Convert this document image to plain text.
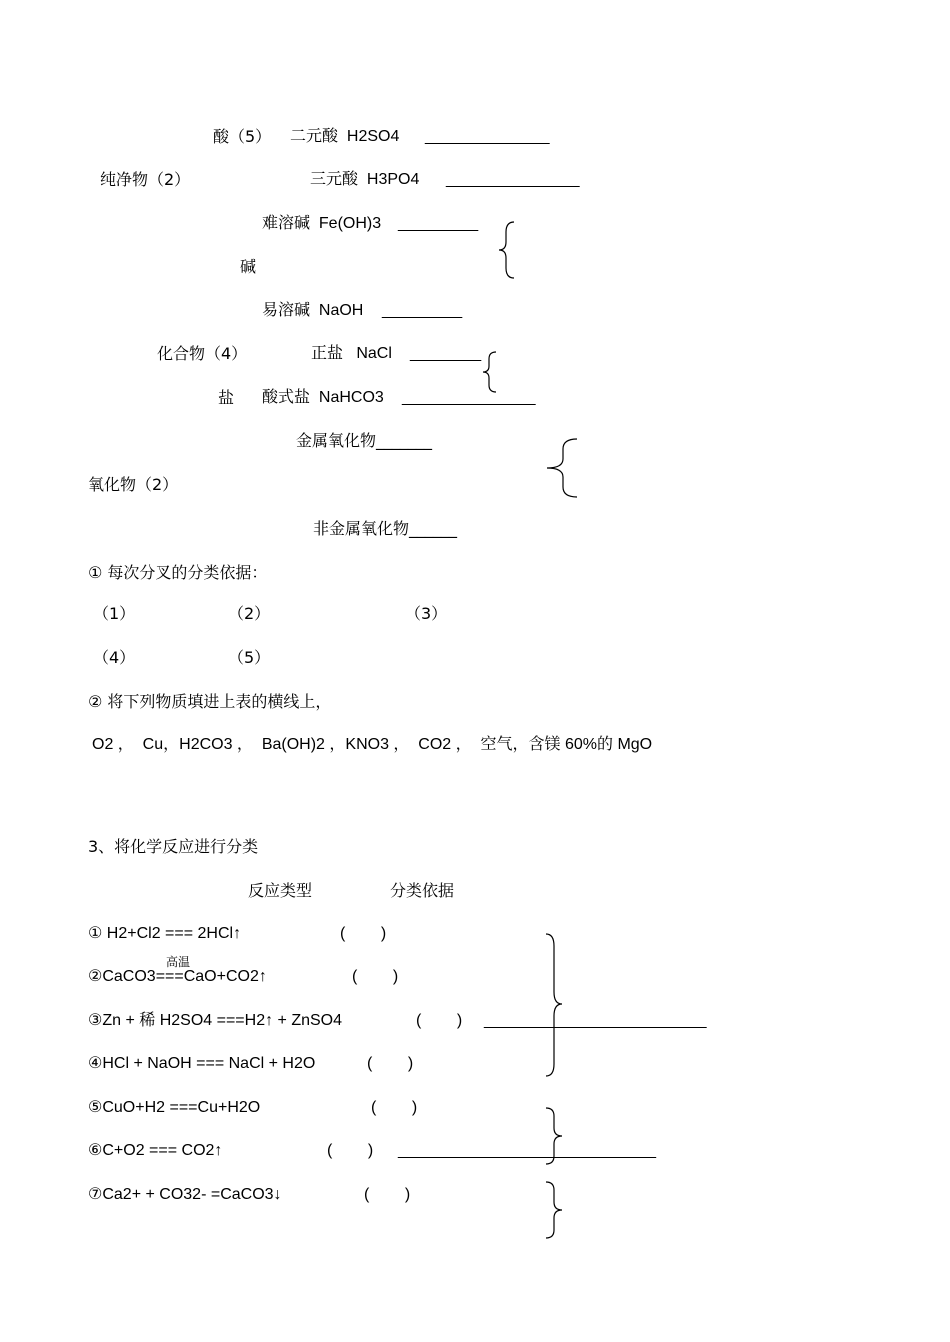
酸（5） 二元酸  H2SO4 ______________
纯净物（2）	三元酸  H3PO4 _______________
难溶碱  Fe(OH)3 _________
碱
易溶碱  NaOH _________
化合物（4）	正盐   NaCl ________
盐 酸式盐  NaHCO3 _______________
金属氧化物_______
氧化物（2）
非金属氧化物______
① 每次分叉的分类依据：
（1）	（2）	（3）
（4）	（5）
② 将下列物质填进上表的横线上，
O2 ，  Cu，H2CO3 ，  Ba(OH)2 ，KNO3 ，  CO2 ，  空气，含镁 60%的 MgO
3、将化学反应进行分类
反应类型	分类依据
① H2+Cl2 === 2HCl↑	(        )
高温
②CaCO3===CaO+CO2↑	(        )
③Zn + 稀 H2SO4 ===H2↑ + ZnSO4	(        ) _________________________
④HCl + NaOH === NaCl + H2O	(        )
⑤CuO+H2 ===Cu+H2O	(        )
⑥C+O2 === CO2↑	(        ) _____________________________
⑦Ca2+ + CO32- =CaCO3↓	(        )
